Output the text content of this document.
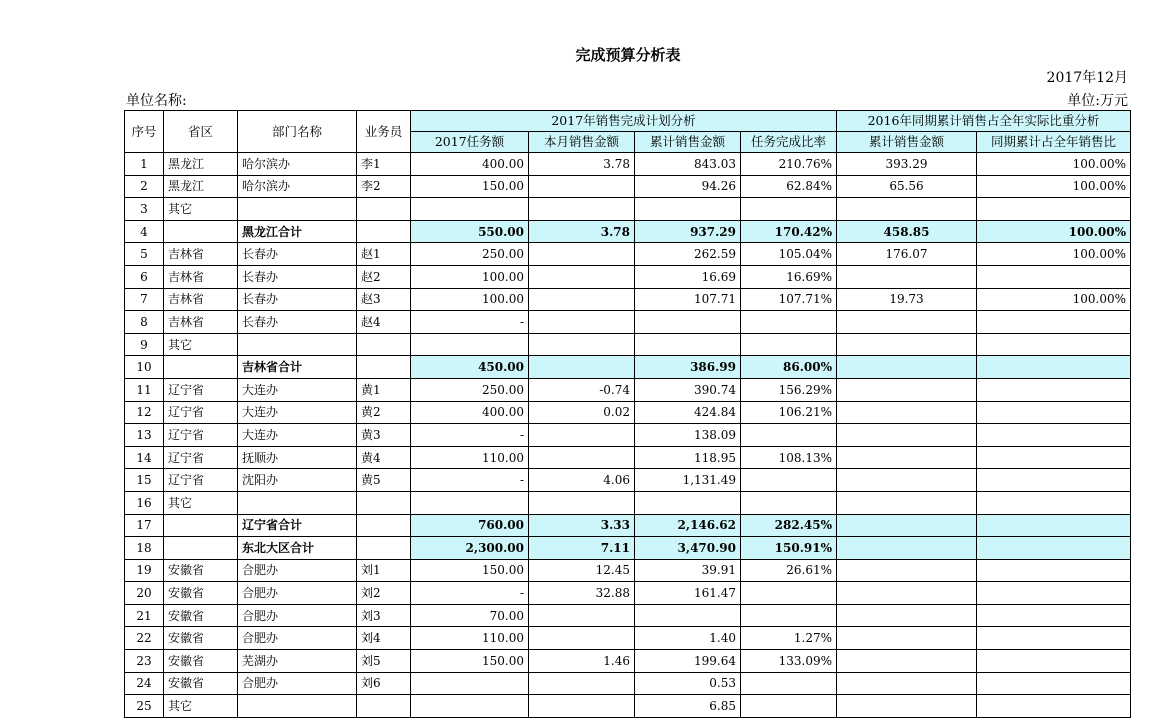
完成预算分析表
2017年12月
单位名称:	单位:万元
序号	省区	部门名称	业务员	2017年销售完成计划分析				2016年同期累计销售占全年实际比重分析	
				2017任务额	本月销售金额	累计销售金额	任务完成比率	累计销售金额	同期累计占全年销售比
1	黑龙江	哈尔滨办	李1	400.00	3.78	843.03	210.76%	393.29	100.00%
2	黑龙江	哈尔滨办	李2	150.00		94.26	62.84%	65.56	100.00%
3	其它								
4		黑龙江合计		550.00	3.78	937.29	170.42%	458.85	100.00%
5	吉林省	长春办	赵1	250.00		262.59	105.04%	176.07	100.00%
6	吉林省	长春办	赵2	100.00		16.69	16.69%		
7	吉林省	长春办	赵3	100.00		107.71	107.71%	19.73	100.00%
8	吉林省	长春办	赵4	-					
9	其它								
10		吉林省合计		450.00		386.99	86.00%		
11	辽宁省	大连办	黄1	250.00	-0.74	390.74	156.29%		
12	辽宁省	大连办	黄2	400.00	0.02	424.84	106.21%		
13	辽宁省	大连办	黄3	-		138.09			
14	辽宁省	抚顺办	黄4	110.00		118.95	108.13%		
15	辽宁省	沈阳办	黄5	-	4.06	1,131.49			
16	其它								
17		辽宁省合计		760.00	3.33	2,146.62	282.45%		
18		东北大区合计		2,300.00	7.11	3,470.90	150.91%		
19	安徽省	合肥办	刘1	150.00	12.45	39.91	26.61%		
20	安徽省	合肥办	刘2	-	32.88	161.47			
21	安徽省	合肥办	刘3	70.00					
22	安徽省	合肥办	刘4	110.00		1.40	1.27%		
23	安徽省	芜湖办	刘5	150.00	1.46	199.64	133.09%		
24	安徽省	合肥办	刘6			0.53			
25	其它					6.85			
